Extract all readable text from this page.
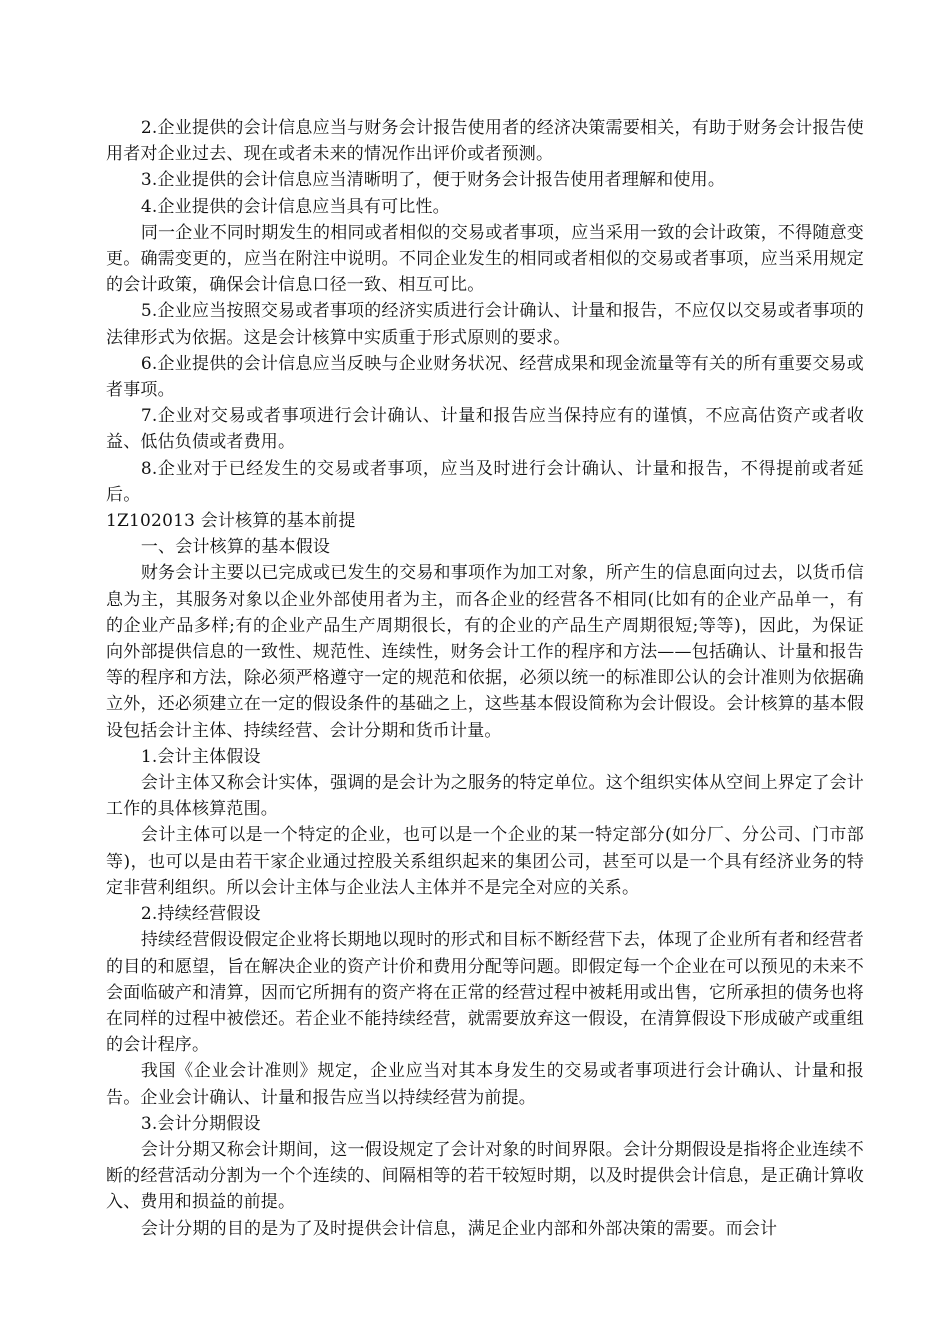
2.企业提供的会计信息应当与财务会计报告使用者的经济决策需要相关，有助于财务会计报告使用者对企业过去、现在或者未来的情况作出评价或者预测。

3.企业提供的会计信息应当清晰明了，便于财务会计报告使用者理解和使用。

4.企业提供的会计信息应当具有可比性。

同一企业不同时期发生的相同或者相似的交易或者事项，应当采用一致的会计政策，不得随意变更。确需变更的，应当在附注中说明。不同企业发生的相同或者相似的交易或者事项，应当采用规定的会计政策，确保会计信息口径一致、相互可比。

5.企业应当按照交易或者事项的经济实质进行会计确认、计量和报告，不应仅以交易或者事项的法律形式为依据。这是会计核算中实质重于形式原则的要求。

6.企业提供的会计信息应当反映与企业财务状况、经营成果和现金流量等有关的所有重要交易或者事项。

7.企业对交易或者事项进行会计确认、计量和报告应当保持应有的谨慎，不应高估资产或者收益、低估负债或者费用。

8.企业对于已经发生的交易或者事项，应当及时进行会计确认、计量和报告，不得提前或者延后。

1Z102013 会计核算的基本前提

一、会计核算的基本假设

财务会计主要以已完成或已发生的交易和事项作为加工对象，所产生的信息面向过去，以货币信息为主，其服务对象以企业外部使用者为主，而各企业的经营各不相同(比如有的企业产品单一，有的企业产品多样;有的企业产品生产周期很长，有的企业的产品生产周期很短;等等)，因此，为保证向外部提供信息的一致性、规范性、连续性，财务会计工作的程序和方法——包括确认、计量和报告等的程序和方法，除必须严格遵守一定的规范和依据，必须以统一的标准即公认的会计准则为依据确立外，还必须建立在一定的假设条件的基础之上，这些基本假设简称为会计假设。会计核算的基本假设包括会计主体、持续经营、会计分期和货币计量。

1.会计主体假设

会计主体又称会计实体，强调的是会计为之服务的特定单位。这个组织实体从空间上界定了会计工作的具体核算范围。

会计主体可以是一个特定的企业，也可以是一个企业的某一特定部分(如分厂、分公司、门市部等)，也可以是由若干家企业通过控股关系组织起来的集团公司，甚至可以是一个具有经济业务的特定非营利组织。所以会计主体与企业法人主体并不是完全对应的关系。

2.持续经营假设

持续经营假设假定企业将长期地以现时的形式和目标不断经营下去，体现了企业所有者和经营者的目的和愿望，旨在解决企业的资产计价和费用分配等问题。即假定每一个企业在可以预见的未来不会面临破产和清算，因而它所拥有的资产将在正常的经营过程中被耗用或出售，它所承担的债务也将在同样的过程中被偿还。若企业不能持续经营，就需要放弃这一假设，在清算假设下形成破产或重组的会计程序。

我国《企业会计准则》规定，企业应当对其本身发生的交易或者事项进行会计确认、计量和报告。企业会计确认、计量和报告应当以持续经营为前提。

3.会计分期假设

会计分期又称会计期间，这一假设规定了会计对象的时间界限。会计分期假设是指将企业连续不断的经营活动分割为一个个连续的、间隔相等的若干较短时期，以及时提供会计信息，是正确计算收入、费用和损益的前提。

会计分期的目的是为了及时提供会计信息，满足企业内部和外部决策的需要。而会计
